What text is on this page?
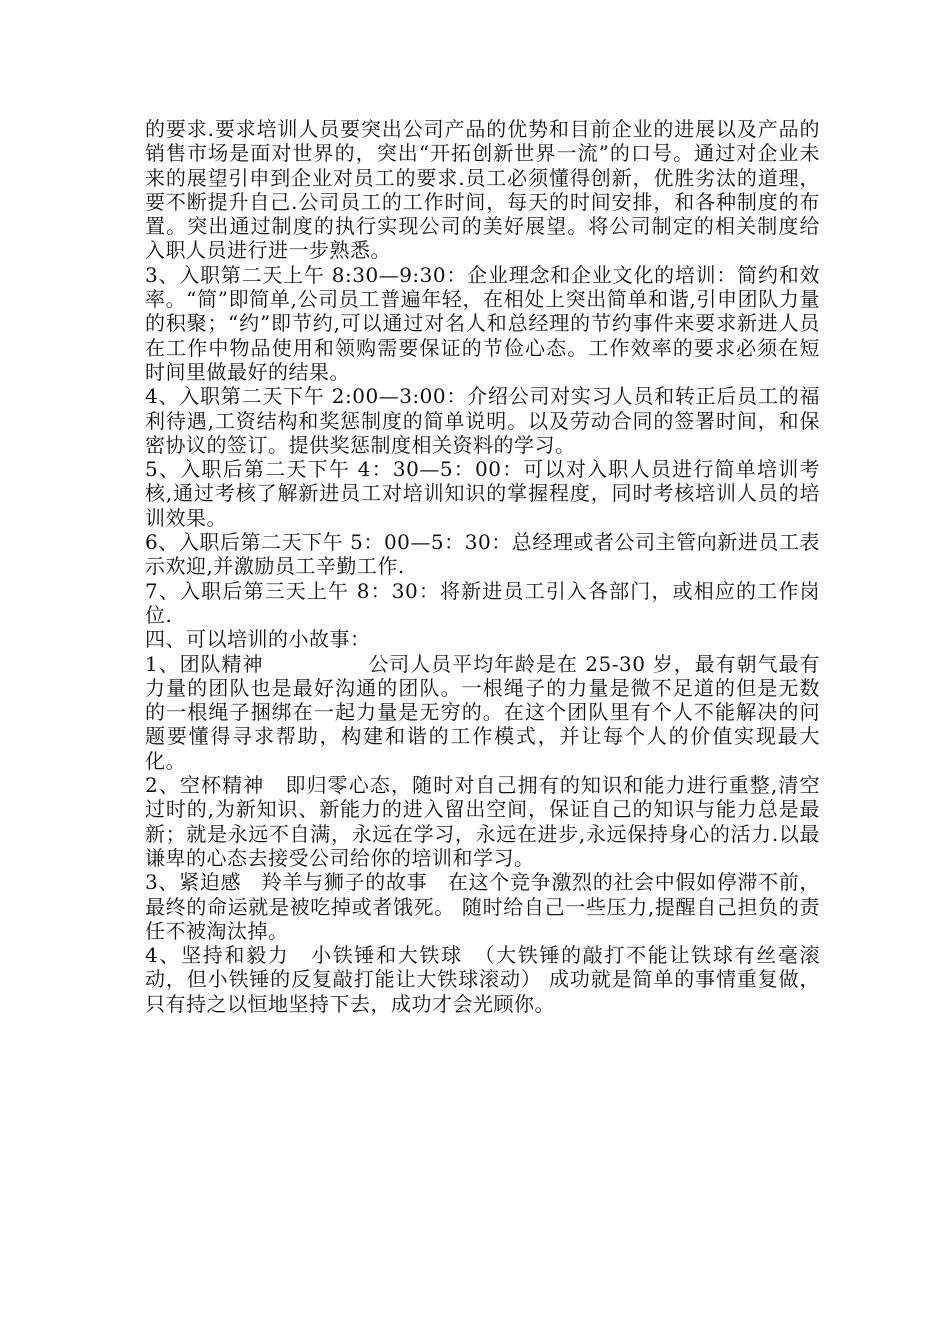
的要求.要求培训人员要突出公司产品的优势和目前企业的进展以及产品的销售市场是面对世界的，突出“开拓创新世界一流”的口号。通过对企业未来的展望引申到企业对员工的要求.员工必须懂得创新，优胜劣汰的道理，要不断提升自己.公司员工的工作时间，每天的时间安排，和各种制度的布置。突出通过制度的执行实现公司的美好展望。将公司制定的相关制度给入职人员进行进一步熟悉。

3、入职第二天上午 8:30—9:30：企业理念和企业文化的培训：简约和效率。“简”即简单,公司员工普遍年轻，在相处上突出简单和谐,引申团队力量的积聚；“约”即节约,可以通过对名人和总经理的节约事件来要求新进人员在工作中物品使用和领购需要保证的节俭心态。工作效率的要求必须在短时间里做最好的结果。

4、入职第二天下午 2:00—3:00：介绍公司对实习人员和转正后员工的福利待遇,工资结构和奖惩制度的简单说明。以及劳动合同的签署时间，和保密协议的签订。提供奖惩制度相关资料的学习。

5、入职后第二天下午 4：30—5：00：可以对入职人员进行简单培训考核,通过考核了解新进员工对培训知识的掌握程度，同时考核培训人员的培训效果。

6、入职后第二天下午 5：00—5：30：总经理或者公司主管向新进员工表示欢迎,并激励员工辛勤工作.

7、入职后第三天上午 8：30：将新进员工引入各部门，或相应的工作岗位.

四、可以培训的小故事：

1、团队精神　　　　　公司人员平均年龄是在 25-30 岁，最有朝气最有力量的团队也是最好沟通的团队。一根绳子的力量是微不足道的但是无数的一根绳子捆绑在一起力量是无穷的。在这个团队里有个人不能解决的问题要懂得寻求帮助，构建和谐的工作模式，并让每个人的价值实现最大化。

2、空杯精神　即归零心态，随时对自己拥有的知识和能力进行重整,清空过时的,为新知识、新能力的进入留出空间，保证自己的知识与能力总是最新；就是永远不自满，永远在学习，永远在进步,永远保持身心的活力.以最谦卑的心态去接受公司给你的培训和学习。

3、紧迫感　羚羊与狮子的故事　在这个竞争激烈的社会中假如停滞不前，最终的命运就是被吃掉或者饿死。 随时给自己一些压力,提醒自己担负的责任不被淘汰掉。

4、坚持和毅力　小铁锤和大铁球　（大铁锤的敲打不能让铁球有丝毫滚动，但小铁锤的反复敲打能让大铁球滚动） 成功就是简单的事情重复做，只有持之以恒地坚持下去，成功才会光顾你。
